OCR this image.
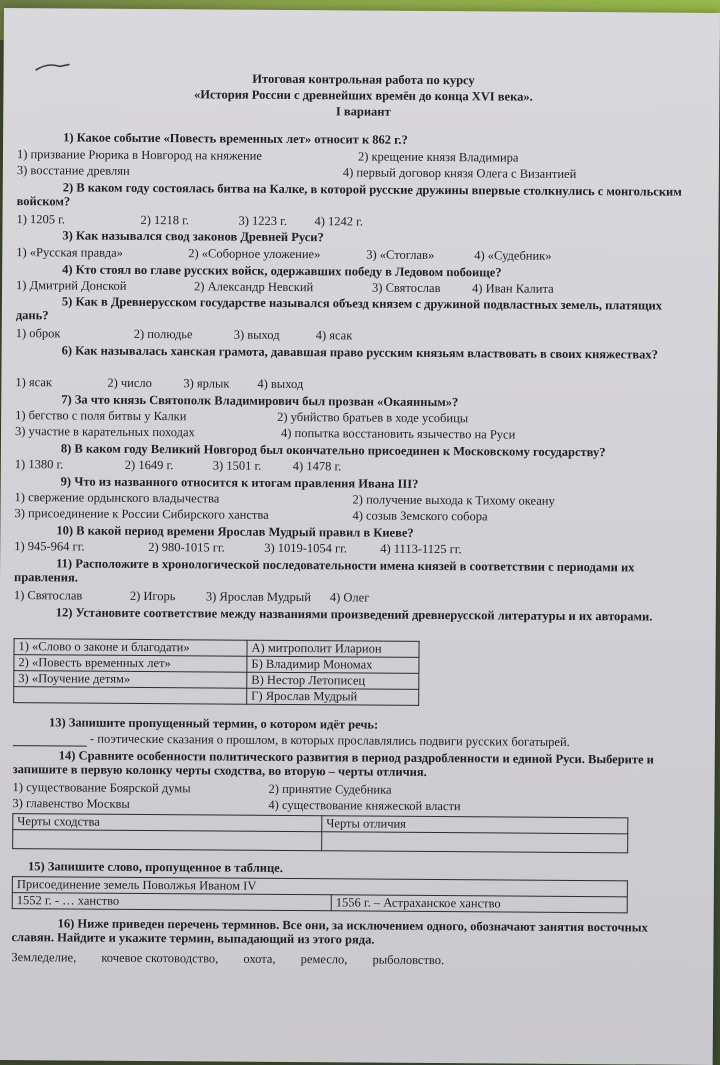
Итоговая контрольная работа по курсу
«История России с древнейших времён до конца XVI века».
I вариант
1) Какое событие «Повесть временных лет» относит к 862 г.?
1) призвание Рюрика в Новгород на княжение	2) крещение князя Владимира
3) восстание древлян	4) первый договор князя Олега с Византией
2) В каком году состоялась битва на Калке, в которой русские дружины впервые столкнулись с монгольским войском?
1) 1205 г.	2) 1218 г.	3) 1223 г. 4) 1242 г.
3) Как назывался свод законов Древней Руси?
1) «Русская правда»	2) «Соборное уложение»	3) «Стоглав»	4) «Судебник»
4) Кто стоял во главе русских войск, одержавших победу в Ледовом побоище?
1) Дмитрий Донской	2) Александр Невский	3) Святослав	4) Иван Калита
5) Как в Древнерусском государстве назывался объезд князем с дружиной подвластных земель, платящих дань?
1) оброк	2) полюдье	3) выход	4) ясак
6) Как называлась ханская грамота, дававшая право русским князьям властвовать в своих княжествах?
1) ясак	2) число	3) ярлык 4) выход
7) За что князь Святополк Владимирович был прозван «Окаянным»?
1) бегство с поля битвы у Калки	2) убийство братьев в ходе усобицы
3) участие в карательных походах	4) попытка восстановить язычество на Руси
8) В каком году Великий Новгород был окончательно присоединен к Московскому государству?
1) 1380 г.	2) 1649 г.	3) 1501 г.	4) 1478 г.
9) Что из названного относится к итогам правления Ивана III?
1) свержение ордынского владычества	2) получение выхода к Тихому океану
3) присоединение к России Сибирского ханства	4) созыв Земского собора
10) В какой период времени Ярослав Мудрый правил в Киеве?
1) 945-964 гг.	2) 980-1015 гг.	3) 1019-1054 гг.	4) 1113-1125 гг.
11) Расположите в хронологической последовательности имена князей в соответствии с периодами их правления.
1) Святослав	2) Игорь 3) Ярослав Мудрый 4) Олег
12) Установите соответствие между названиями произведений древнерусской литературы и их авторами.
1) «Слово о законе и благодати»	А) митрополит Иларион
2) «Повесть временных лет»	Б) Владимир Мономах
3) «Поучение детям»	В) Нестор Летописец
	Г) Ярослав Мудрый
13) Запишите пропущенный термин, о котором идёт речь:
- поэтические сказания о прошлом, в которых прославлялись подвиги русских богатырей.
14) Сравните особенности политического развития в период раздробленности и единой Руси. Выберите и запишите в первую колонку черты сходства, во вторую – черты отличия.
1) существование Боярской думы	2) принятие Судебника
3) главенство Москвы	4) существование княжеской власти
Черты сходства	Черты отличия

15) Запишите слово, пропущенное в таблице.
Присоединение земель Поволжья Иваном IV
1552 г. - … ханство	1556 г. – Астраханское ханство
16) Ниже приведен перечень терминов. Все они, за исключением одного, обозначают занятия восточных славян. Найдите и укажите термин, выпадающий из этого ряда.
Земледелие, кочевое скотоводство, охота, ремесло, рыболовство.
